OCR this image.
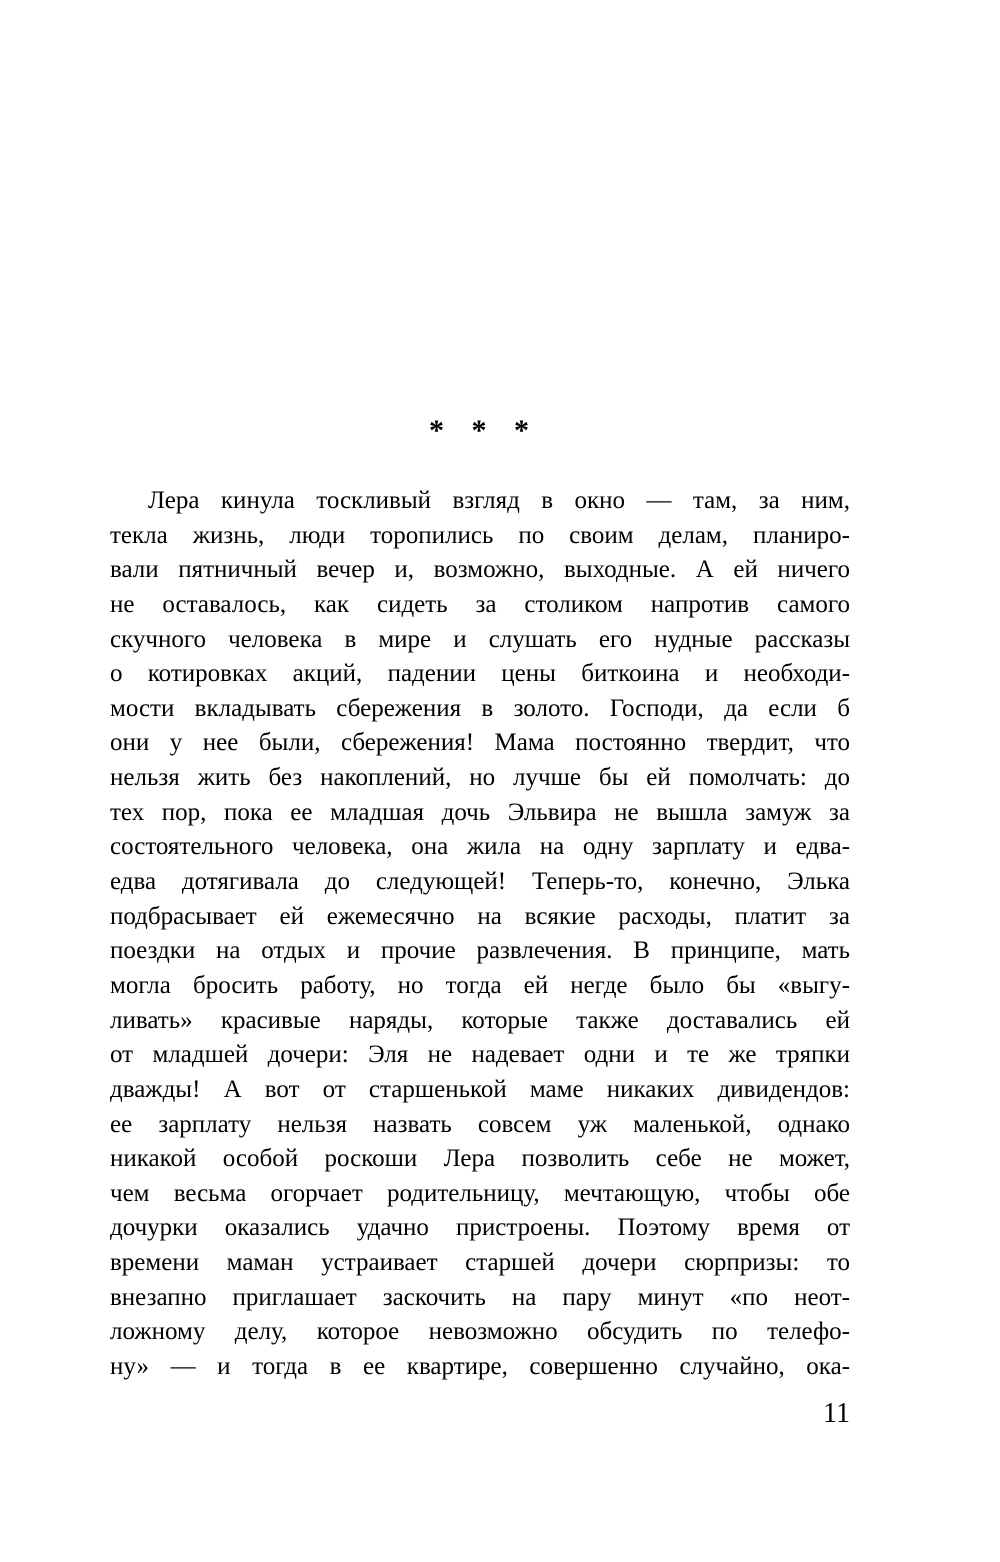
* * *
Лера кинула тоскливый взгляд в окно — там, за ним,
текла жизнь, люди торопились по своим делам, планиро-
вали пятничный вечер и, возможно, выходные. А ей ничего
не оставалось, как сидеть за столиком напротив самого
скучного человека в мире и слушать его нудные рассказы
о котировках акций, падении цены биткоина и необходи-
мости вкладывать сбережения в золото. Господи, да если б
они у нее были, сбережения! Мама постоянно твердит, что
нельзя жить без накоплений, но лучше бы ей помолчать: до
тех пор, пока ее младшая дочь Эльвира не вышла замуж за
состоятельного человека, она жила на одну зарплату и едва-
едва дотягивала до следующей! Теперь-то, конечно, Элька
подбрасывает ей ежемесячно на всякие расходы, платит за
поездки на отдых и прочие развлечения. В принципе, мать
могла бросить работу, но тогда ей негде было бы «выгу-
ливать» красивые наряды, которые также доставались ей
от младшей дочери: Эля не надевает одни и те же тряпки
дважды! А вот от старшенькой маме никаких дивидендов:
ее зарплату нельзя назвать совсем уж маленькой, однако
никакой особой роскоши Лера позволить себе не может,
чем весьма огорчает родительницу, мечтающую, чтобы обе
дочурки оказались удачно пристроены. Поэтому время от
времени маман устраивает старшей дочери сюрпризы: то
внезапно приглашает заскочить на пару минут «по неот-
ложному делу, которое невозможно обсудить по телефо-
ну» — и тогда в ее квартире, совершенно случайно, ока-
11
